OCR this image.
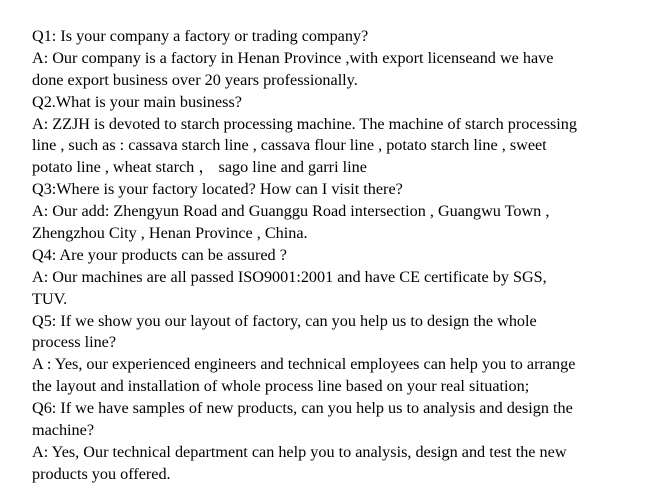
Q1: Is your company a factory or trading company?
A: Our company is a factory in Henan Province ,with export licenseand we have
done export business over 20 years professionally.
Q2.What is your main business?
A: ZZJH is devoted to starch processing machine. The machine of starch processing
line , such as : cassava starch line , cassava flour line , potato starch line , sweet
potato line , wheat starch ， sago line and garri line
Q3:Where is your factory located? How can I visit there?
A: Our add: Zhengyun Road and Guanggu Road intersection , Guangwu Town ,
Zhengzhou City , Henan Province , China.
Q4: Are your products can be assured ?
A: Our machines are all passed ISO9001:2001 and have CE certificate by SGS,
TUV.
Q5: If we show you our layout of factory, can you help us to design the whole
process line?
A : Yes, our experienced engineers and technical employees can help you to arrange
the layout and installation of whole process line based on your real situation;
Q6: If we have samples of new products, can you help us to analysis and design the
machine?
A: Yes, Our technical department can help you to analysis, design and test the new
products you offered.
